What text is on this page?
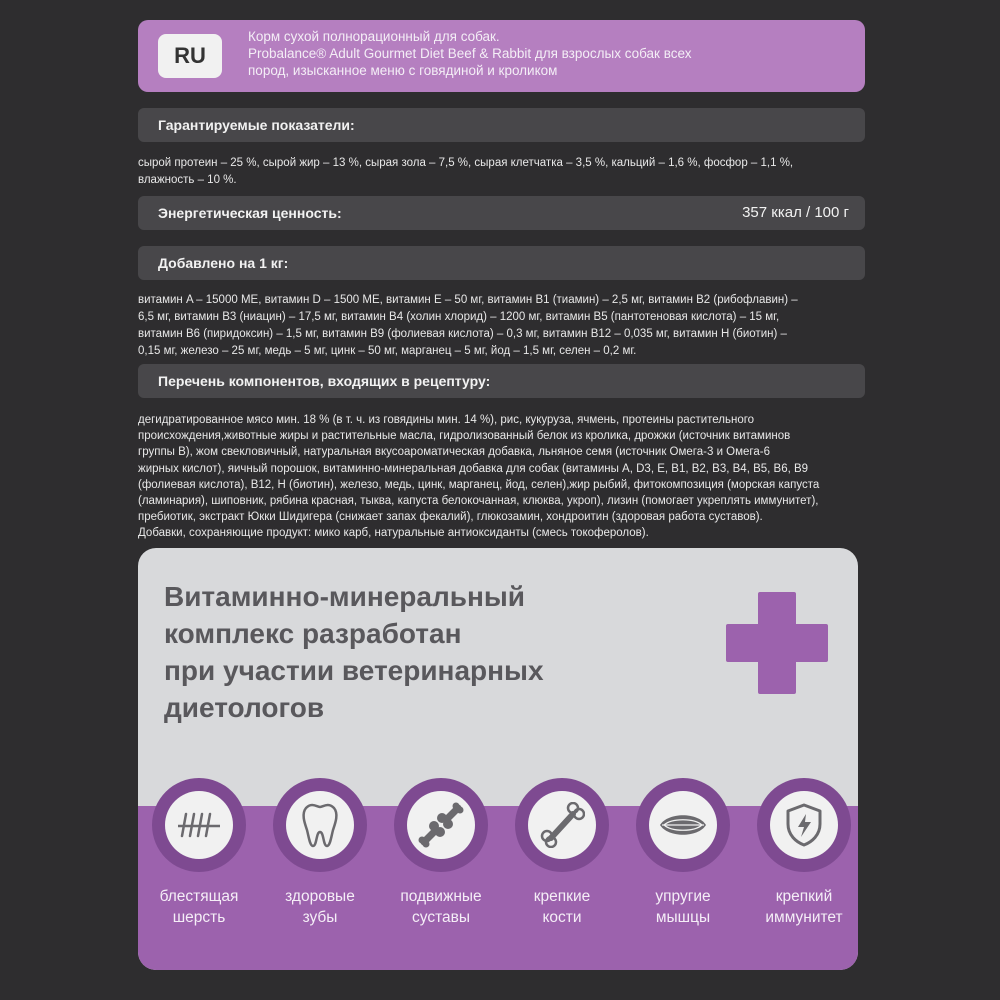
RU
Корм сухой полнорационный для собак.
Probalance® Adult Gourmet Diet Beef & Rabbit для взрослых собак всех
пород, изысканное меню с говядиной и кроликом
Гарантируемые показатели:
сырой протеин – 25 %, сырой жир – 13 %, сырая зола – 7,5 %, сырая клетчатка – 3,5 %, кальций – 1,6 %, фосфор – 1,1 %,
влажность – 10 %.
Энергетическая ценность:	357 ккал / 100 г
Добавлено на 1 кг:
витамин A – 15000 ME, витамин D – 1500 ME, витамин E – 50 мг, витамин B1 (тиамин) – 2,5 мг, витамин B2 (рибофлавин) –
6,5 мг, витамин B3 (ниацин) – 17,5 мг, витамин B4 (холин хлорид) – 1200 мг, витамин B5 (пантотеновая кислота) – 15 мг,
витамин B6 (пиридоксин) – 1,5 мг, витамин B9 (фолиевая кислота) – 0,3 мг, витамин B12 – 0,035 мг, витамин H (биотин) –
0,15 мг, железо – 25 мг, медь – 5 мг, цинк – 50 мг, марганец – 5 мг, йод – 1,5 мг, селен – 0,2 мг.
Перечень компонентов, входящих в рецептуру:
дегидратированное мясо мин. 18 % (в т. ч. из говядины мин. 14 %), рис, кукуруза, ячмень, протеины растительного
происхождения,животные жиры и растительные масла, гидролизованный белок из кролика, дрожжи (источник витаминов
группы B), жом свекловичный, натуральная вкусоароматическая добавка, льняное семя (источник Омега-3 и Омега-6
жирных кислот), яичный порошок, витаминно-минеральная добавка для собак (витамины А, D3, E, B1, B2, B3, B4, B5, B6, B9
(фолиевая кислота), B12, H (биотин), железо, медь, цинк, марганец, йод, селен),жир рыбий, фитокомпозиция (морская капуста
(ламинария), шиповник, рябина красная, тыква, капуста белокочанная, клюква, укроп), лизин (помогает укреплять иммунитет),
пребиотик, экстракт Юкки Шидигера (снижает запах фекалий), глюкозамин, хондроитин (здоровая работа суставов).
Добавки, сохраняющие продукт: мико карб, натуральные антиоксиданты (смесь токоферолов).
Витаминно-минеральный
комплекс разработан
при участии ветеринарных
диетологов
блестящая
шерсть
здоровые
зубы
подвижные
суставы
крепкие
кости
упругие
мышцы
крепкий
иммунитет
